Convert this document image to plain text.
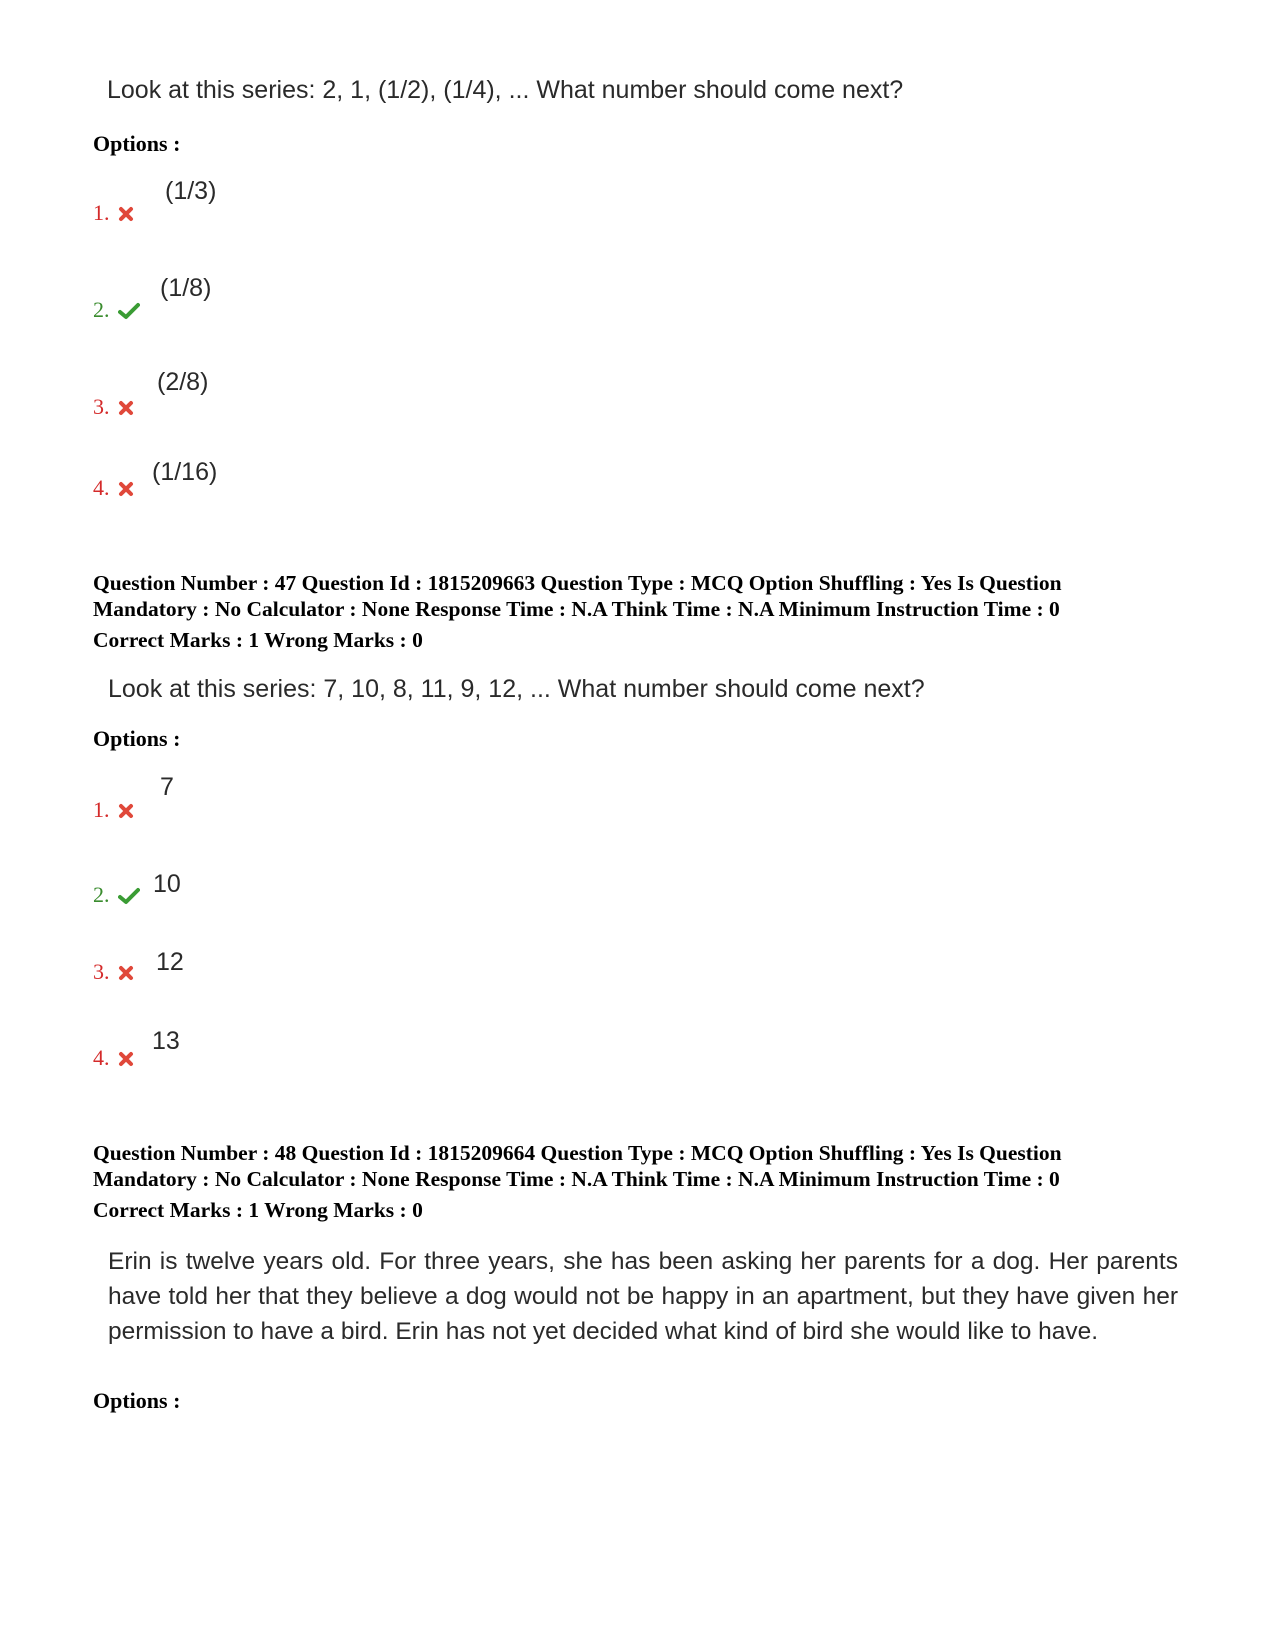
Look at this series: 2, 1, (1/2), (1/4), ... What number should come next?
Options :
1.
(1/3)
2.
(1/8)
3.
(2/8)
4.
(1/16)
Question Number : 47 Question Id : 1815209663 Question Type : MCQ Option Shuffling : Yes Is Question
Mandatory : No Calculator : None Response Time : N.A Think Time : N.A Minimum Instruction Time : 0
Correct Marks : 1 Wrong Marks : 0
Look at this series: 7, 10, 8, 11, 9, 12, ... What number should come next?
Options :
1.
7
2.	10
3.	12
4.
13
Question Number : 48 Question Id : 1815209664 Question Type : MCQ Option Shuffling : Yes Is Question
Mandatory : No Calculator : None Response Time : N.A Think Time : N.A Minimum Instruction Time : 0
Correct Marks : 1 Wrong Marks : 0
Erin is twelve years old. For three years, she has been asking her parents for a dog. Her parents have told her that they believe a dog would not be happy in an apartment, but they have given her permission to have a bird. Erin has not yet decided what kind of bird she would like to have.
Options :
